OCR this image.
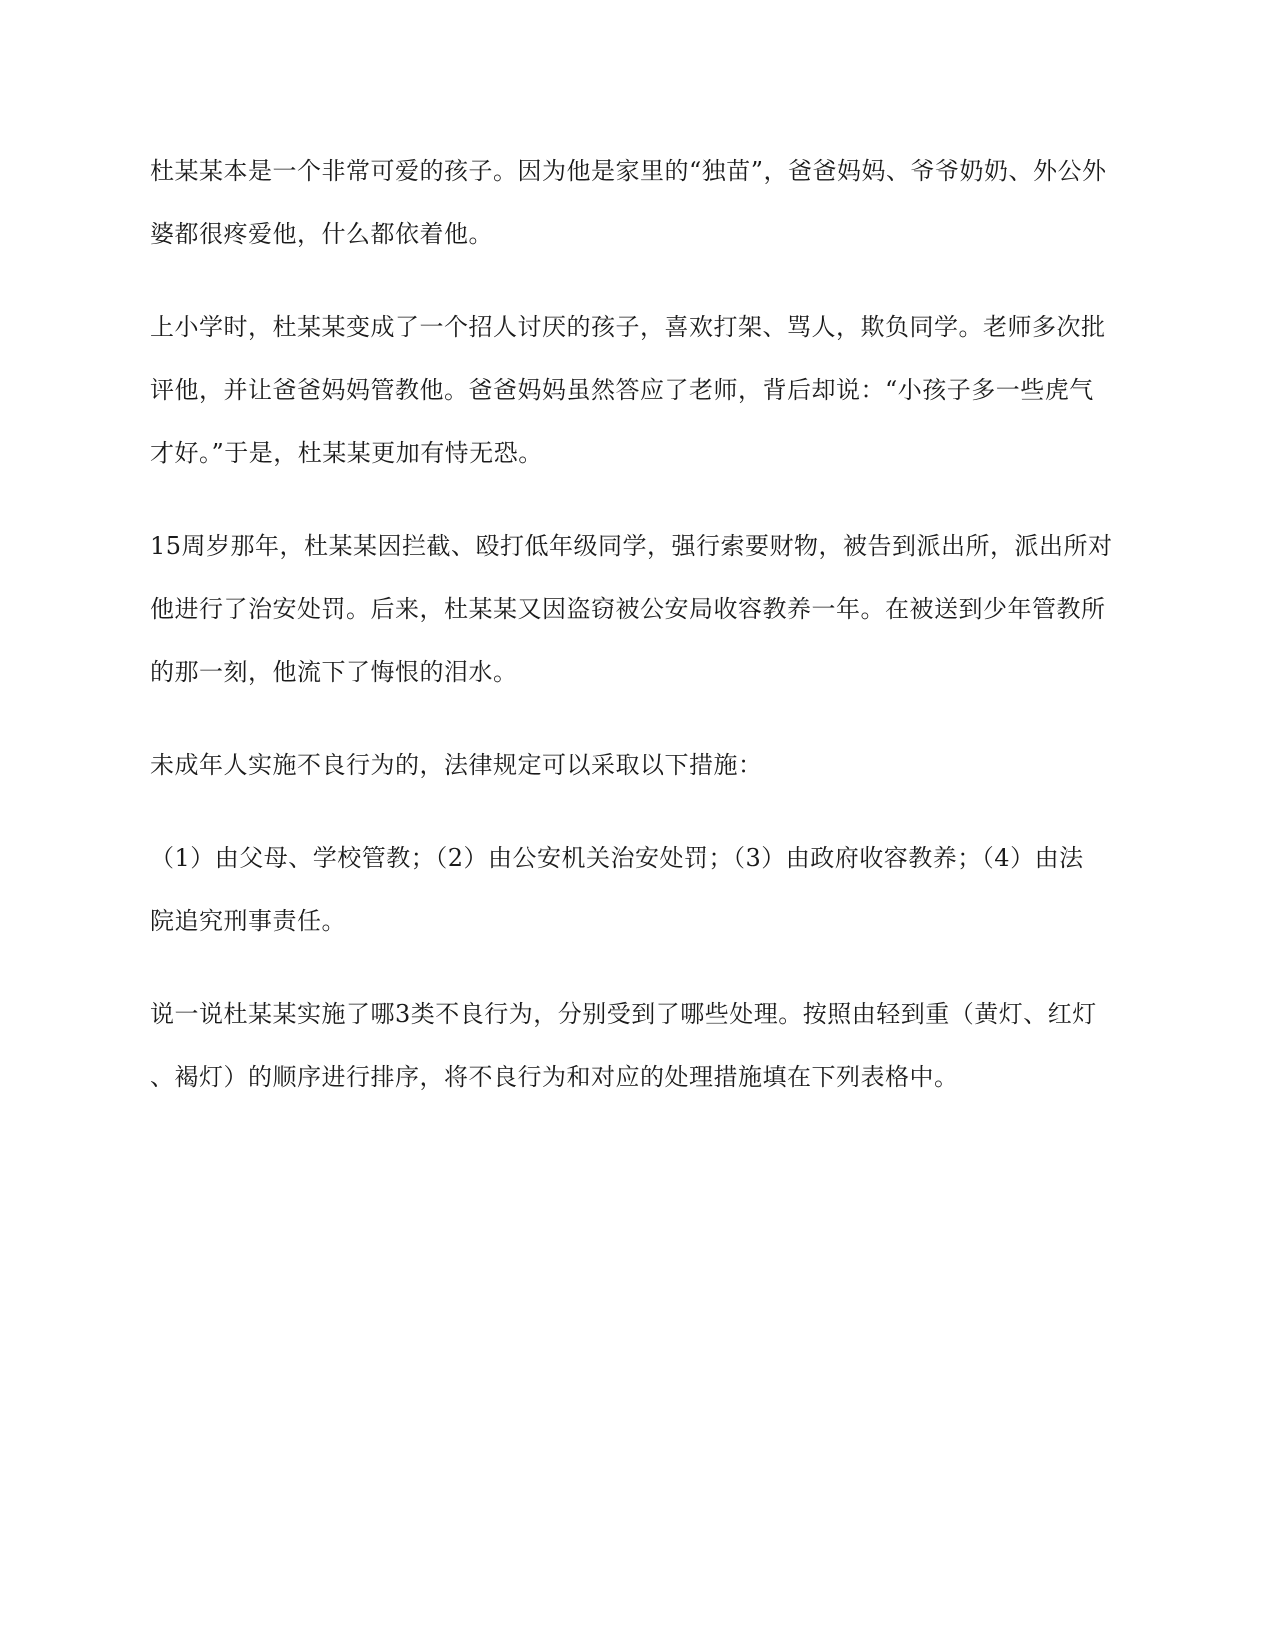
杜某某本是一个非常可爱的孩子。因为他是家里的“独苗”，爸爸妈妈、爷爷奶奶、外公外
婆都很疼爱他，什么都依着他。

上小学时，杜某某变成了一个招人讨厌的孩子，喜欢打架、骂人，欺负同学。老师多次批
评他，并让爸爸妈妈管教他。爸爸妈妈虽然答应了老师，背后却说：“小孩子多一些虎气
才好。”于是，杜某某更加有恃无恐。

15周岁那年，杜某某因拦截、殴打低年级同学，强行索要财物，被告到派出所，派出所对
他进行了治安处罚。后来，杜某某又因盗窃被公安局收容教养一年。在被送到少年管教所
的那一刻，他流下了悔恨的泪水。

未成年人实施不良行为的，法律规定可以采取以下措施：

（1）由父母、学校管教；（2）由公安机关治安处罚；（3）由政府收容教养；（4）由法
院追究刑事责任。

说一说杜某某实施了哪3类不良行为，分别受到了哪些处理。按照由轻到重（黄灯、红灯
、褐灯）的顺序进行排序，将不良行为和对应的处理措施填在下列表格中。
